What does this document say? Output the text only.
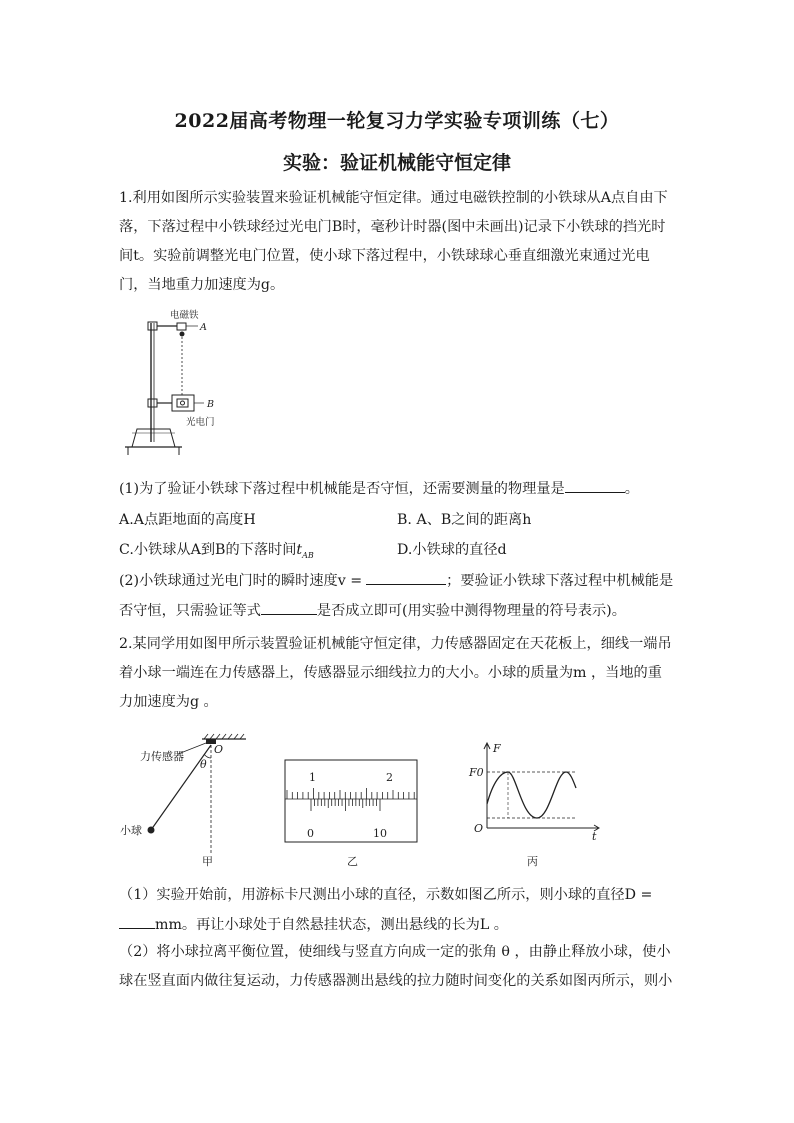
2022届高考物理一轮复习力学实验专项训练（七）
实验：验证机械能守恒定律
1.利用如图所示实验装置来验证机械能守恒定律。通过电磁铁控制的小铁球从A点自由下落，下落过程中小铁球经过光电门B时，毫秒计时器(图中未画出)记录下小铁球的挡光时间t。实验前调整光电门位置，使小球下落过程中，小铁球球心垂直细激光束通过光电门，当地重力加速度为g。
电磁铁
A
B
光电门
(1)为了验证小铁球下落过程中机械能是否守恒，还需要测量的物理量是	。
A.A点距地面的高度H	B. A、B之间的距离h
C.小铁球从A到B的下落时间$t_{AB}$	D.小铁球的直径d
(2)小铁球通过光电门时的瞬时速度v =	；要验证小铁球下落过程中机械能是
否守恒，只需验证等式	是否成立即可(用实验中测得物理量的符号表示)。
2.某同学用如图甲所示装置验证机械能守恒定律，力传感器固定在天花板上，细线一端吊着小球一端连在力传感器上，传感器显示细线拉力的大小。小球的质量为m ，当地的重力加速度为g 。
力传感器
O
θ
小球
甲
1	2
0	10
乙
F
F0
O
t
丙
（1）实验开始前，用游标卡尺测出小球的直径，示数如图乙所示，则小球的直径D =
mm。再让小球处于自然悬挂状态，测出悬线的长为L 。
（2）将小球拉离平衡位置，使细线与竖直方向成一定的张角 θ ，由静止释放小球，使小球在竖直面内做往复运动，力传感器测出悬线的拉力随时间变化的关系如图丙所示，则小
